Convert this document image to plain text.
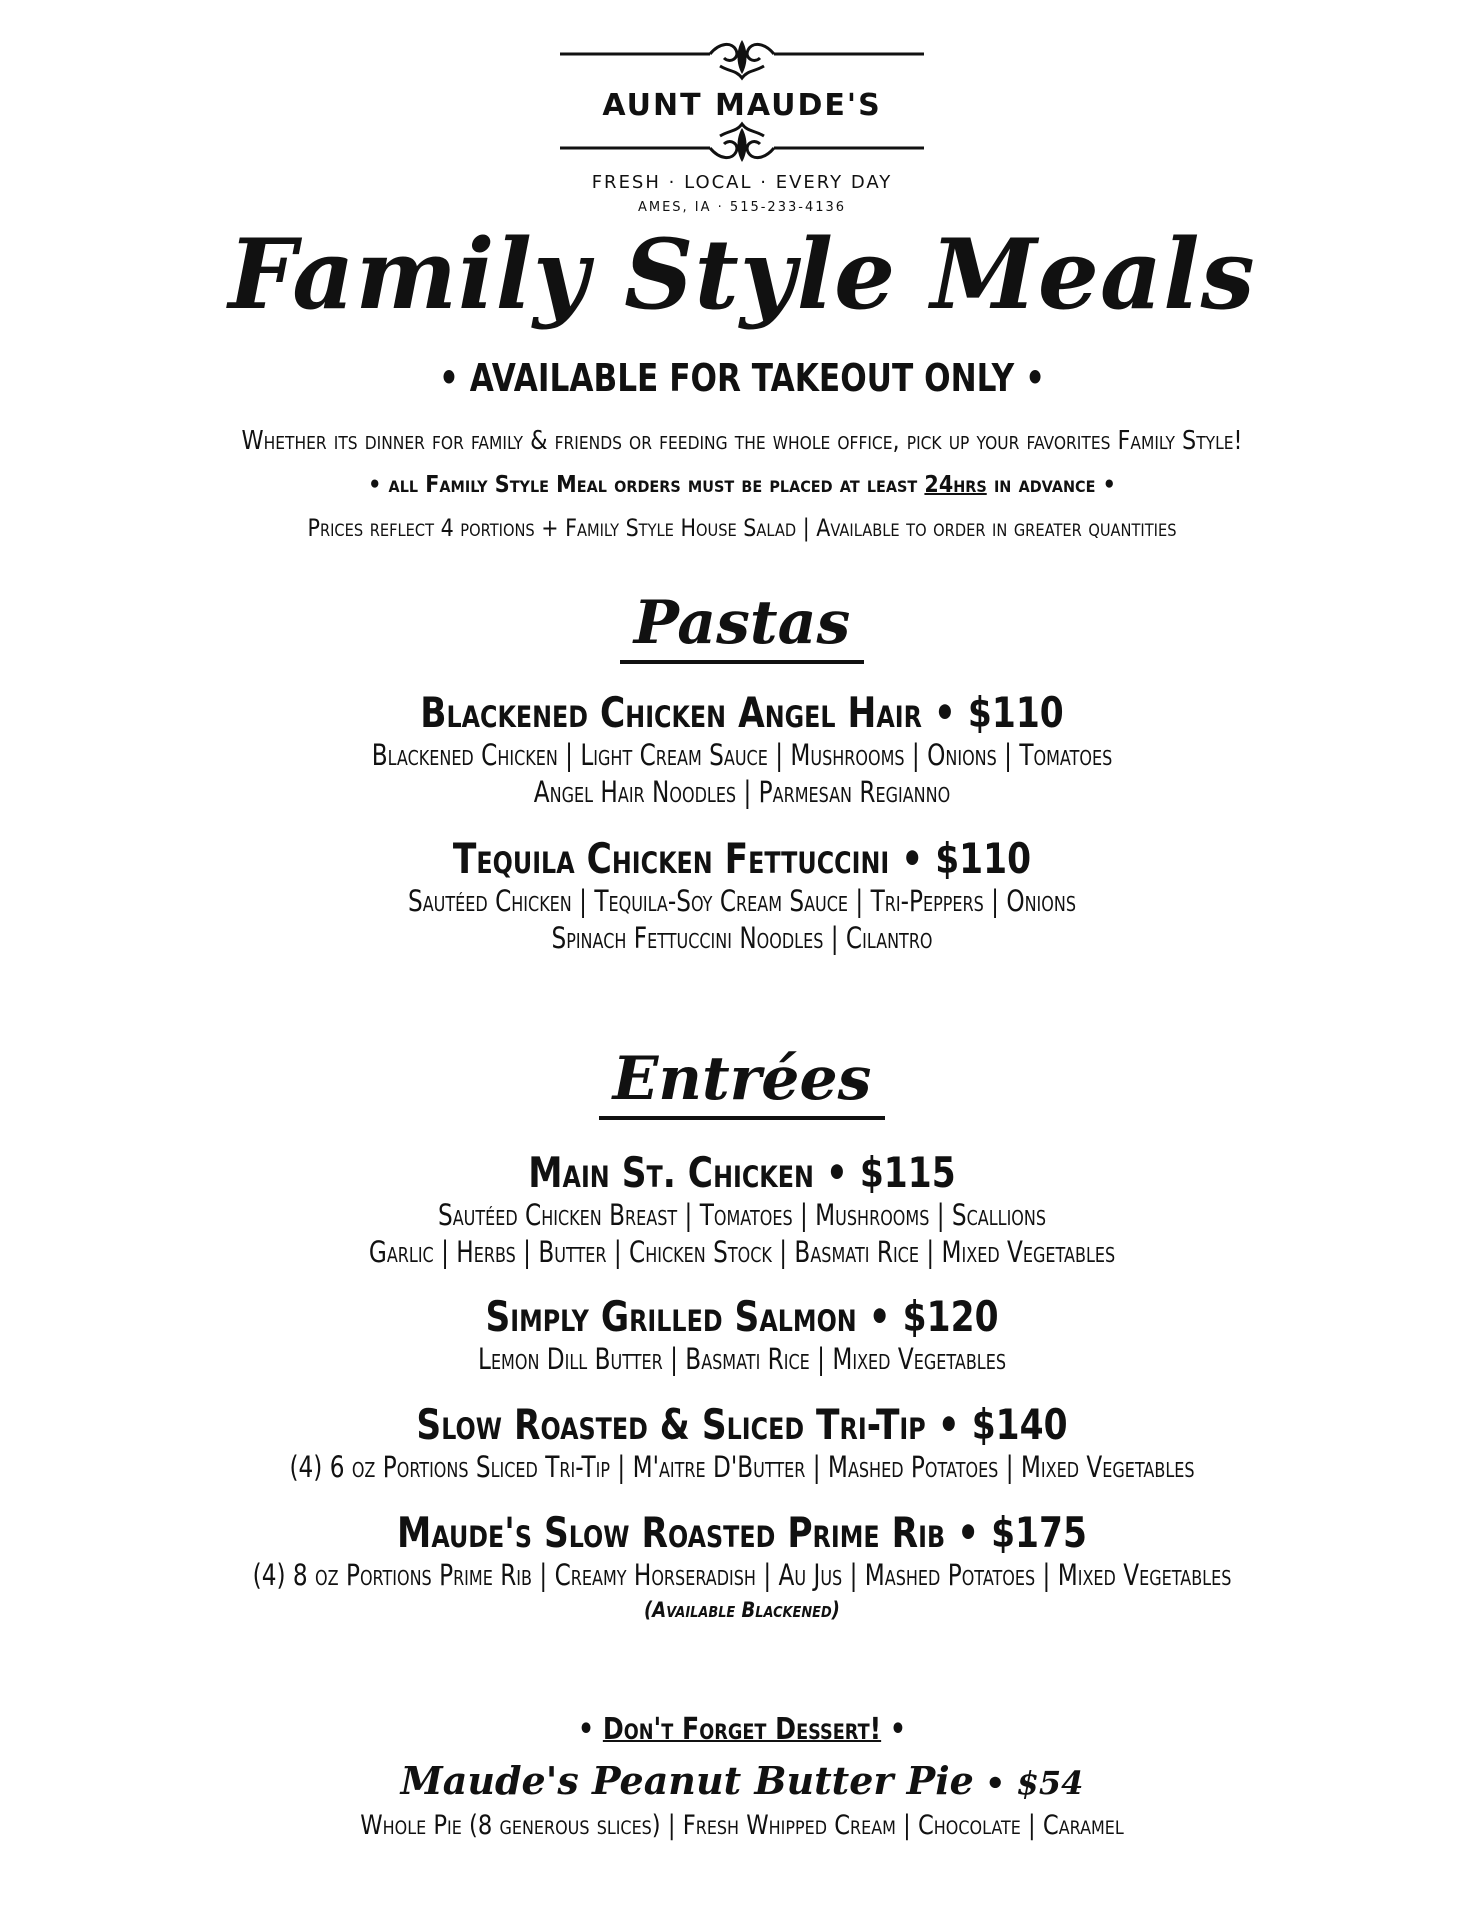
AUNT MAUDE'S
FRESH · LOCAL · EVERY DAY
AMES, IA · 515-233-4136
Family Style Meals
• AVAILABLE FOR TAKEOUT ONLY •
Whether its dinner for family & friends or feeding the whole office, pick up your favorites Family Style!
• all Family Style Meal orders must be placed at least 24hrs in advance •
Prices reflect 4 portions + Family Style House Salad | Available to order in greater quantities
Pastas
Blackened Chicken Angel Hair • $110
Blackened Chicken | Light Cream Sauce | Mushrooms | Onions | Tomatoes
Angel Hair Noodles | Parmesan Regianno
Tequila Chicken Fettuccini • $110
Sautéed Chicken | Tequila-Soy Cream Sauce | Tri-Peppers | Onions
Spinach Fettuccini Noodles | Cilantro
Entrées
Main St. Chicken • $115
Sautéed Chicken Breast | Tomatoes | Mushrooms | Scallions
Garlic | Herbs | Butter | Chicken Stock | Basmati Rice | Mixed Vegetables
Simply Grilled Salmon • $120
Lemon Dill Butter | Basmati Rice | Mixed Vegetables
Slow Roasted & Sliced Tri-Tip • $140
(4) 6 oz Portions Sliced Tri-Tip | M'aitre D'Butter | Mashed Potatoes | Mixed Vegetables
Maude's Slow Roasted Prime Rib • $175
(4) 8 oz Portions Prime Rib | Creamy Horseradish | Au Jus | Mashed Potatoes | Mixed Vegetables
(Available Blackened)
• Don't Forget Dessert! •
Maude's Peanut Butter Pie • $54
Whole Pie (8 generous slices) | Fresh Whipped Cream | Chocolate | Caramel
